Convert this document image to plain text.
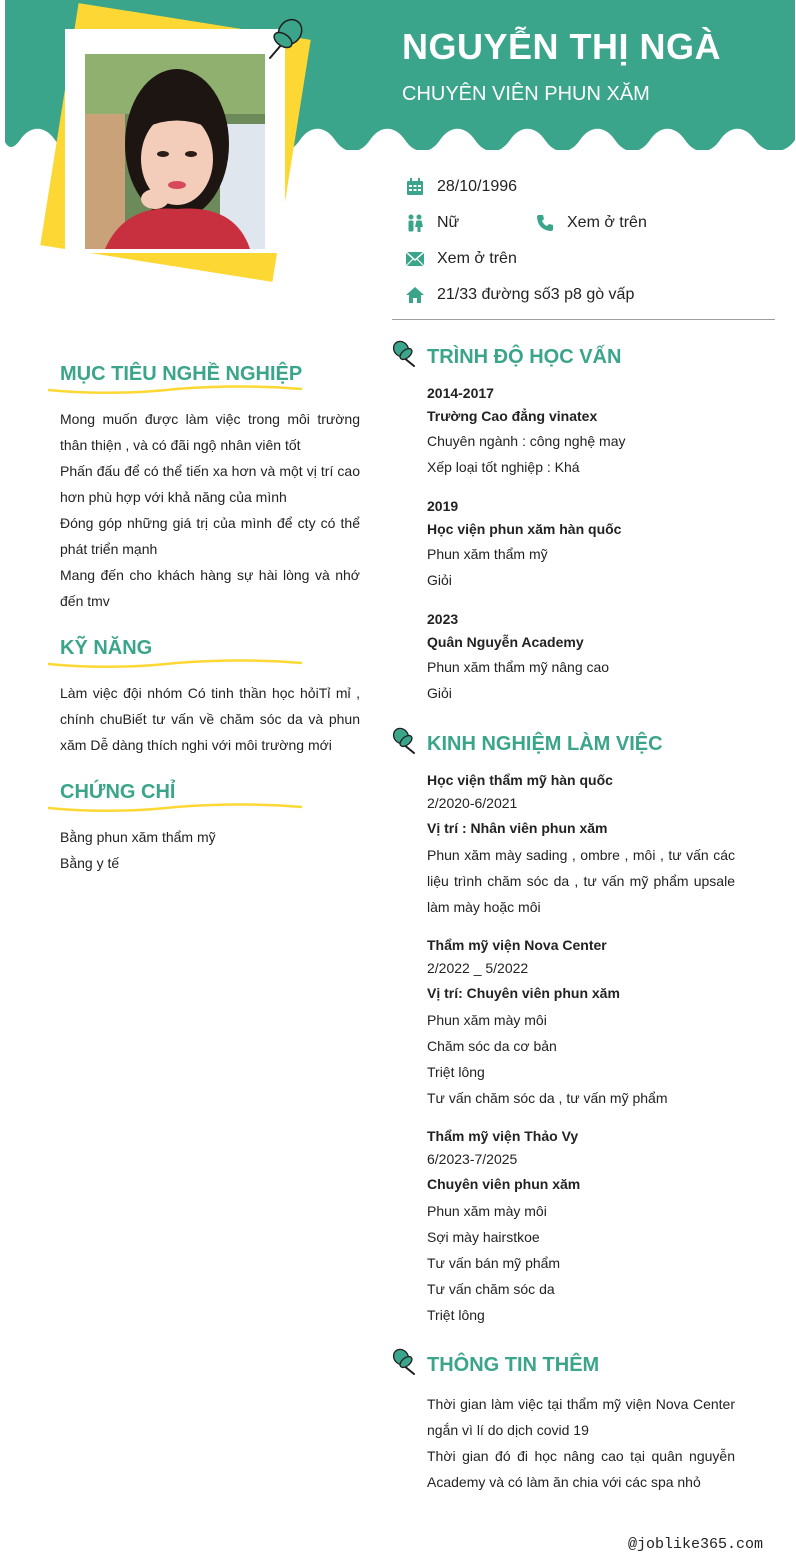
NGUYỄN THỊ NGÀ
CHUYÊN VIÊN PHUN XĂM
28/10/1996
Nữ	Xem ở trên
Xem ở trên
21/33 đường số3 p8 gò vấp
MỤC TIÊU NGHỀ NGHIỆP

Mong muốn được làm việc trong môi trường thân thiện , và có đãi ngộ nhân viên tốt

Phấn đấu để có thể tiến xa hơn và một vị trí cao hơn phù hợp với khả năng của mình

Đóng góp những giá trị của mình để cty có thể phát triển mạnh

Mang đến cho khách hàng sự hài lòng và nhớ đến tmv

KỸ NĂNG

Làm việc đội nhóm Có tinh thần học hỏiTỉ mỉ , chính chuBiết tư vấn về chăm sóc da và phun xăm Dễ dàng thích nghi với môi trường mới

CHỨNG CHỈ

Bằng phun xăm thẩm mỹ

Bằng y tế

TRÌNH ĐỘ HỌC VẤN
2014-2017
Trường Cao đẳng vinatex
Chuyên ngành : công nghệ may
Xếp loại tốt nghiệp : Khá
2019
Học viện phun xăm hàn quốc
Phun xăm thẩm mỹ
Giỏi
2023
Quân Nguyễn Academy
Phun xăm thẩm mỹ nâng cao
Giỏi
KINH NGHIỆM LÀM VIỆC
Học viện thẩm mỹ hàn quốc
2/2020-6/2021
Vị trí : Nhân viên phun xăm
Phun xăm mày sading , ombre , môi , tư vấn các liệu trình chăm sóc da , tư vấn mỹ phẩm upsale làm mày hoặc môi
Thẩm mỹ viện Nova Center
2/2022 _ 5/2022
Vị trí: Chuyên viên phun xăm
Phun xăm mày môi
Chăm sóc da cơ bản
Triệt lông
Tư vấn chăm sóc da , tư vấn mỹ phẩm
Thẩm mỹ viện Thảo Vy
6/2023-7/2025
Chuyên viên phun xăm
Phun xăm mày môi
Sợi mày hairstkoe
Tư vấn bán mỹ phẩm
Tư vấn chăm sóc da
Triệt lông
THÔNG TIN THÊM
Thời gian làm việc tại thẩm mỹ viện Nova Center ngắn vì lí do dịch covid 19
Thời gian đó đi học nâng cao tại quân nguyễn Academy và có làm ăn chia với các spa nhỏ
@joblike365.com
